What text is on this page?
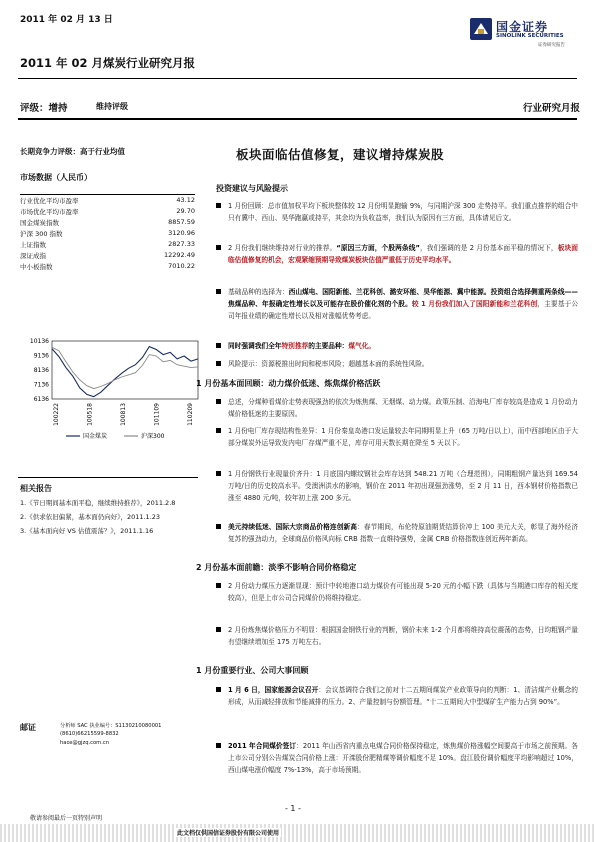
2011 年 02 月 13 日	国金证券
SINOLINK SECURITIES
证券研究报告
2011 年 02 月煤炭行业研究月报
评级：增持	维持评级	行业研究月报
长期竞争力评级：高于行业均值
市场数据（人民币）
行业优化平均市盈率	43.12
市场优化平均市盈率	29.70
国金煤炭指数	8857.59
沪深 300 指数	3120.96
上证指数	2827.33
深证成指	12292.49
中小板指数	7010.22
10136
9136
8136
7136
6136
100222	100518	100813	101109	110209
国金煤炭	沪深300
相关报告
1.《节日期间基本面平稳，继续维持推荐》，2011.2.8
2.《供求依旧偏紧，基本面仍向好》，2011.1.23
3.《基本面向好 VS 估值震荡？》，2011.1.16
邮证	分析师 SAC 执业编号：S1130210080001
(8610)66215599-8832
haox@gjzq.com.cn
板块面临估值修复，建议增持煤炭股
投资建议与风险提示
1 月份回顾：总市值加权平均下板块整体较 12 月份明显跑输 9%，与同期沪深 300 走势持平。我们重点推荐的组合中只有冀中、西山、昊华跑赢或持平，其余均为负收益率，我们认为原因有三方面，具体请见后文。
2 月份我们继续维持对行业的推荐。“原因三方面，个股两条线”，我们强调的是 2 月份基本面平稳的情况下，板块面临估值修复的机会，宏观紧缩预期导致煤炭板块估值严重低于历史平均水平。
基础品种的选择为：西山煤电、国阳新能、兰花科创、潞安环能、昊华能源、冀中能源。投资组合选择侧重两条线——焦煤品种、年报确定性增长以及可能存在股价催化剂的个股。较 1 月份我们加入了国阳新能和兰花科创，主要基于公司年报业绩的确定性增长以及相对涨幅优势考虑。
同时强调我们全年特别推荐的主要品种：煤气化。
风险提示：资源税推出时间和税率风险；超越基本面的系统性风险。
1 月份基本面回顾：动力煤价低迷、炼焦煤价格活跃
总述，分煤种看煤价走势表现强劲的依次为炼焦煤、无烟煤、动力煤。政策压制、沿海电厂库存较高是造成 1 月份动力煤价格低迷的主要原因。
1 月份电厂库存现结构性差异：1 月份秦皇岛港口发运量较去年同期明显上升（65 万吨/日以上），而中西部地区由于大部分煤炭外运导致发内电厂存煤严重不足，库存可用天数长期在降至 5 天以下。
1 月份钢铁行业现量价齐升：1 月底国内螺纹钢社会库存达到 548.21 万吨（合理范围），同期粗钢产量达到 169.54 万吨/日的历史较高水平。受澳洲洪水的影响，钢价在 2011 年初出现强劲涨势，至 2 月 11 日，西本钢材价格指数已涨至 4880 元/吨，较年初上涨 200 多元。
美元持续低迷、国际大宗商品价格连创新高：春节期间，布伦特原油期货结算价冲上 100 美元大关，彰显了海外经济复苏的强劲动力，全球商品价格风向标 CRB 指数一直维持强势，金属 CRB 价格指数连创近两年新高。
2 月份基本面前瞻：淡季不影响合同价格稳定
2 月份动力煤压力逐渐显现：预计中转地港口动力煤价有可能出现 5-20 元的小幅下跌（具体与当期港口库存的相关度较高），但是上市公司合同煤价仍将维持稳定。
2 月份炼焦煤价格压力不明显：根据国金钢铁行业的判断，钢价未来 1-2 个月都将维持高位震荡的态势，日均粗钢产量有望继续增加至 175 万吨左右。
1 月份重要行业、公司大事回顾
1 月 6 日，国家能源会议召开：会议基调符合我们之前对十二五期间煤炭产业政策导向的判断：1、清洁煤产业概念的形成，从而减轻排放和节能减排的压力。2、产量控制与份额管理。“十二五期间大中型煤矿生产能力占到 90%”。
2011 年合同煤价签订：2011 年山西省内重点电煤合同价格保持稳定，炼焦煤价格涨幅空间要高于市场之前预期。各上市公司分别公告煤炭合同价格上涨：开滦股份肥精煤等调价幅度不足 10%。盘江股份调价幅度平均影响超过 10%，西山煤电涨价幅度 7%-13%，高于市场预期。
- 1 -
敬请参阅最后一页特别声明
此文档仅供国信证券股份有限公司使用
